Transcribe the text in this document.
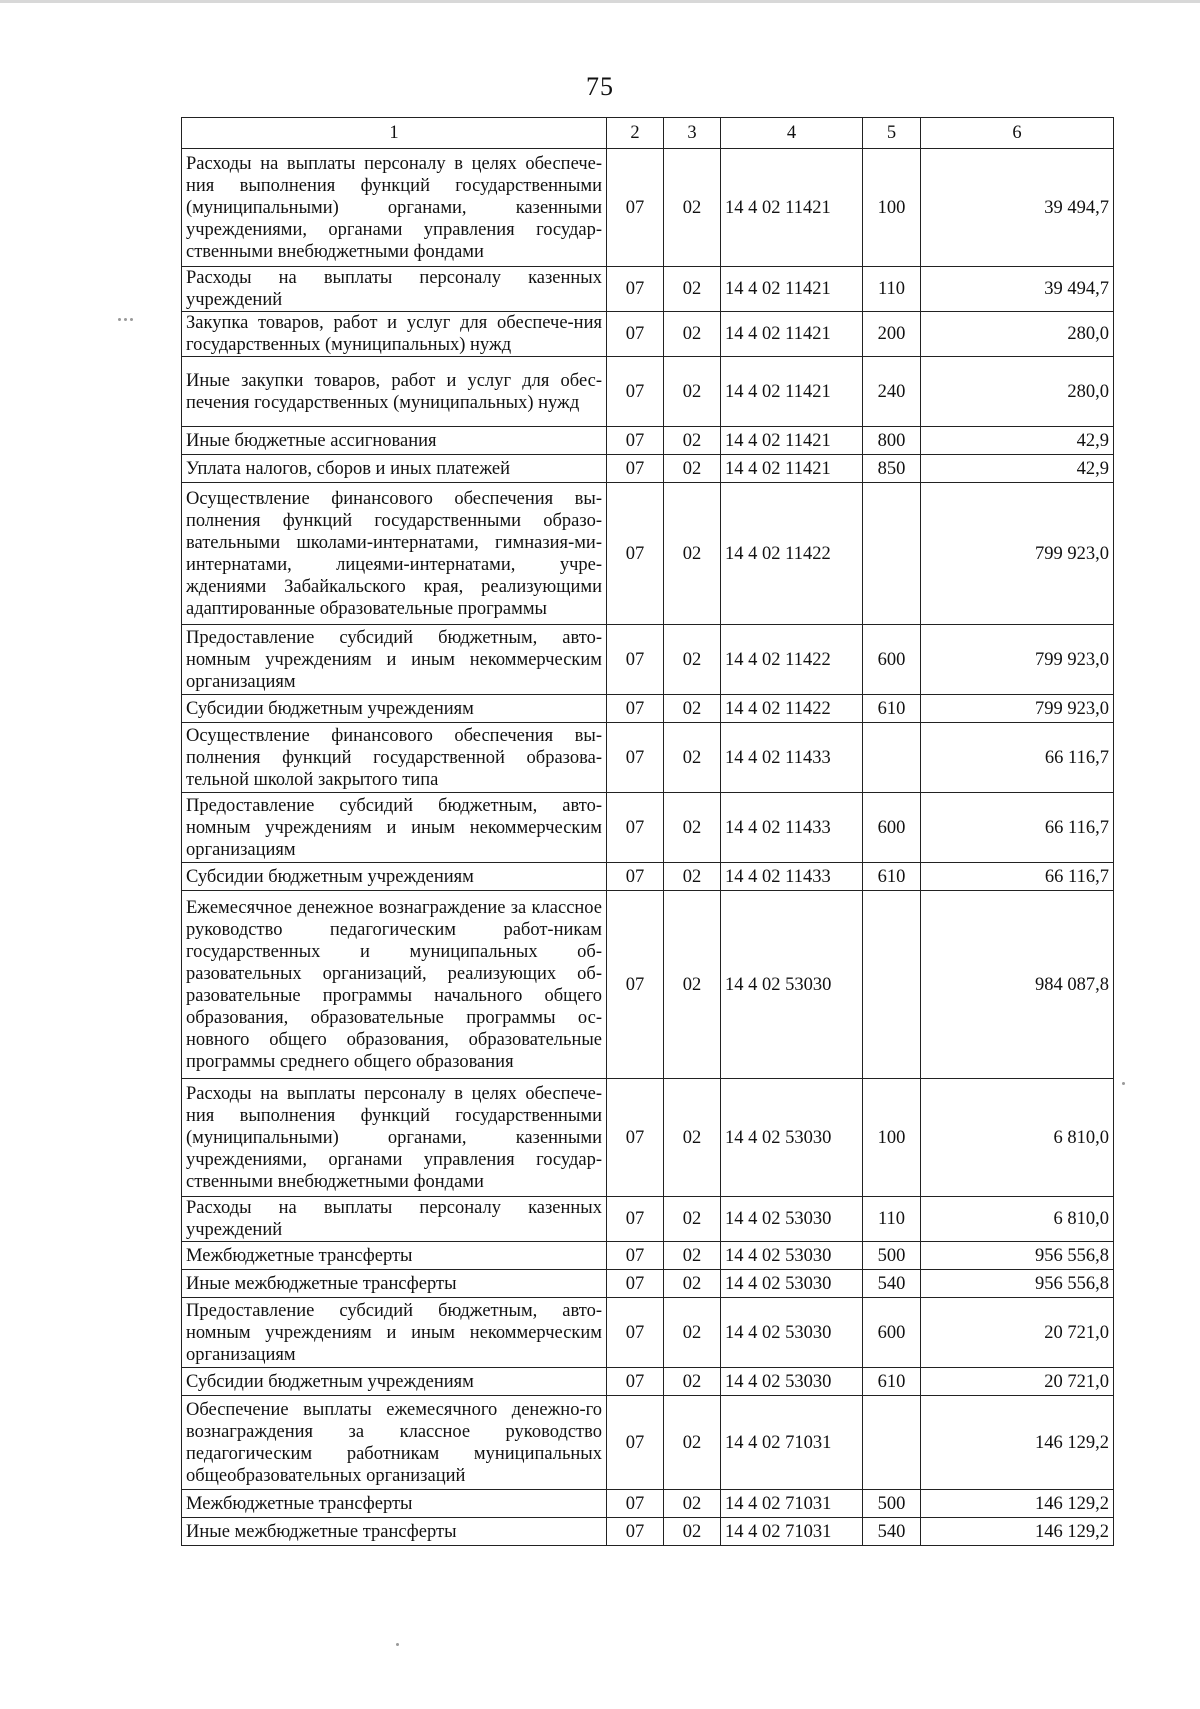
75
1	2	3	4	5	6
Расходы на выплаты персоналу в целях обеспече-ния выполнения функций государственными (муниципальными) органами, казенными учреждениями, органами управления государ-ственными внебюджетными фондами	07	02	14 4 02 11421	100	39 494,7
Расходы на выплаты персоналу казенных учреждений	07	02	14 4 02 11421	110	39 494,7
Закупка товаров, работ и услуг для обеспече-ния государственных (муниципальных) нужд	07	02	14 4 02 11421	200	280,0
Иные закупки товаров, работ и услуг для обес-печения государственных (муниципальных) нужд	07	02	14 4 02 11421	240	280,0
Иные бюджетные ассигнования	07	02	14 4 02 11421	800	42,9
Уплата налогов, сборов и иных платежей	07	02	14 4 02 11421	850	42,9
Осуществление финансового обеспечения вы-полнения функций государственными образо-вательными школами-интернатами, гимназия-ми-интернатами, лицеями-интернатами, учре-ждениями Забайкальского края, реализующими адаптированные образовательные программы	07	02	14 4 02 11422		799 923,0
Предоставление субсидий бюджетным, авто-номным учреждениям и иным некоммерческим организациям	07	02	14 4 02 11422	600	799 923,0
Субсидии бюджетным учреждениям	07	02	14 4 02 11422	610	799 923,0
Осуществление финансового обеспечения вы-полнения функций государственной образова-тельной школой закрытого типа	07	02	14 4 02 11433		66 116,7
Предоставление субсидий бюджетным, авто-номным учреждениям и иным некоммерческим организациям	07	02	14 4 02 11433	600	66 116,7
Субсидии бюджетным учреждениям	07	02	14 4 02 11433	610	66 116,7
Ежемесячное денежное вознаграждение за классное руководство педагогическим работ-никам государственных и муниципальных об-разовательных организаций, реализующих об-разовательные программы начального общего образования, образовательные программы ос-новного общего образования, образовательные программы среднего общего образования	07	02	14 4 02 53030		984 087,8
Расходы на выплаты персоналу в целях обеспече-ния выполнения функций государственными (муниципальными) органами, казенными учреждениями, органами управления государ-ственными внебюджетными фондами	07	02	14 4 02 53030	100	6 810,0
Расходы на выплаты персоналу казенных учреждений	07	02	14 4 02 53030	110	6 810,0
Межбюджетные трансферты	07	02	14 4 02 53030	500	956 556,8
Иные межбюджетные трансферты	07	02	14 4 02 53030	540	956 556,8
Предоставление субсидий бюджетным, авто-номным учреждениям и иным некоммерческим организациям	07	02	14 4 02 53030	600	20 721,0
Субсидии бюджетным учреждениям	07	02	14 4 02 53030	610	20 721,0
Обеспечение выплаты ежемесячного денежно-го вознаграждения за классное руководство педагогическим работникам муниципальных общеобразовательных организаций	07	02	14 4 02 71031		146 129,2
Межбюджетные трансферты	07	02	14 4 02 71031	500	146 129,2
Иные межбюджетные трансферты	07	02	14 4 02 71031	540	146 129,2
